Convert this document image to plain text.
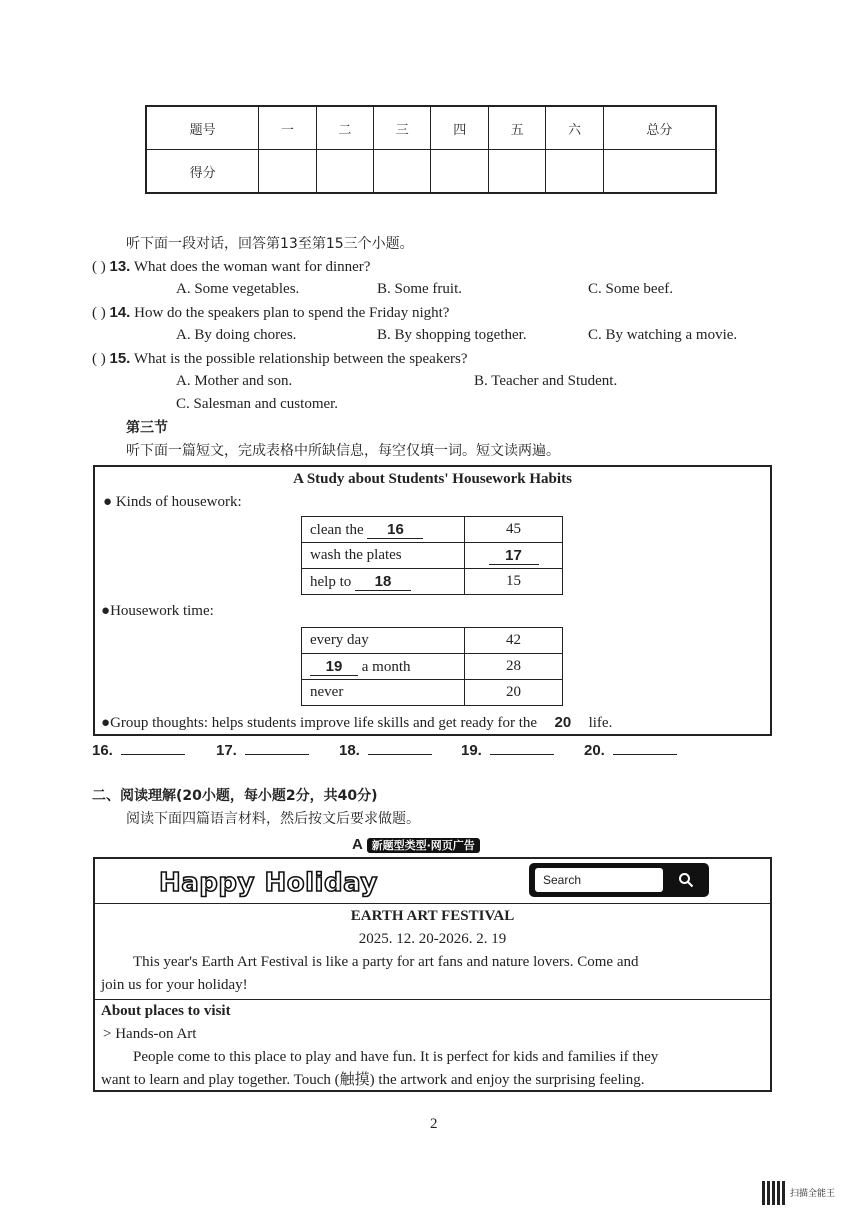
题号	一	二	三	四	五	六	总分
得分							
听下面一段对话，回答第13至第15三个小题。
( ) 13. What does the woman want for dinner?
A. Some vegetables.	B. Some fruit.	C. Some beef.
( ) 14. How do the speakers plan to spend the Friday night?
A. By doing chores.	B. By shopping together.	C. By watching a movie.
( ) 15. What is the possible relationship between the speakers?
A. Mother and son.	B. Teacher and Student.
C. Salesman and customer.
第三节
听下面一篇短文，完成表格中所缺信息，每空仅填一词。短文读两遍。
A Study about Students' Housework Habits
● Kinds of housework:
clean the 16	45
wash the plates	17
help to 18	15
●Housework time:
every day	42
19 a month	28
never	20
●Group thoughts: helps students improve life skills and get ready for the 20 life.
16.	17.	18.	19.	20.
二、阅读理解(20小题，每小题2分，共40分)
阅读下面四篇语言材料，然后按文后要求做题。
A 新题型类型·网页广告
Happy Holiday	Search
EARTH ART FESTIVAL
2025. 12. 20-2026. 2. 19
This year's Earth Art Festival is like a party for art fans and nature lovers. Come and
join us for your holiday!
About places to visit
> Hands-on Art
People come to this place to play and have fun. It is perfect for kids and families if they
want to learn and play together. Touch (触摸) the artwork and enjoy the surprising feeling.
2
扫描全能王
